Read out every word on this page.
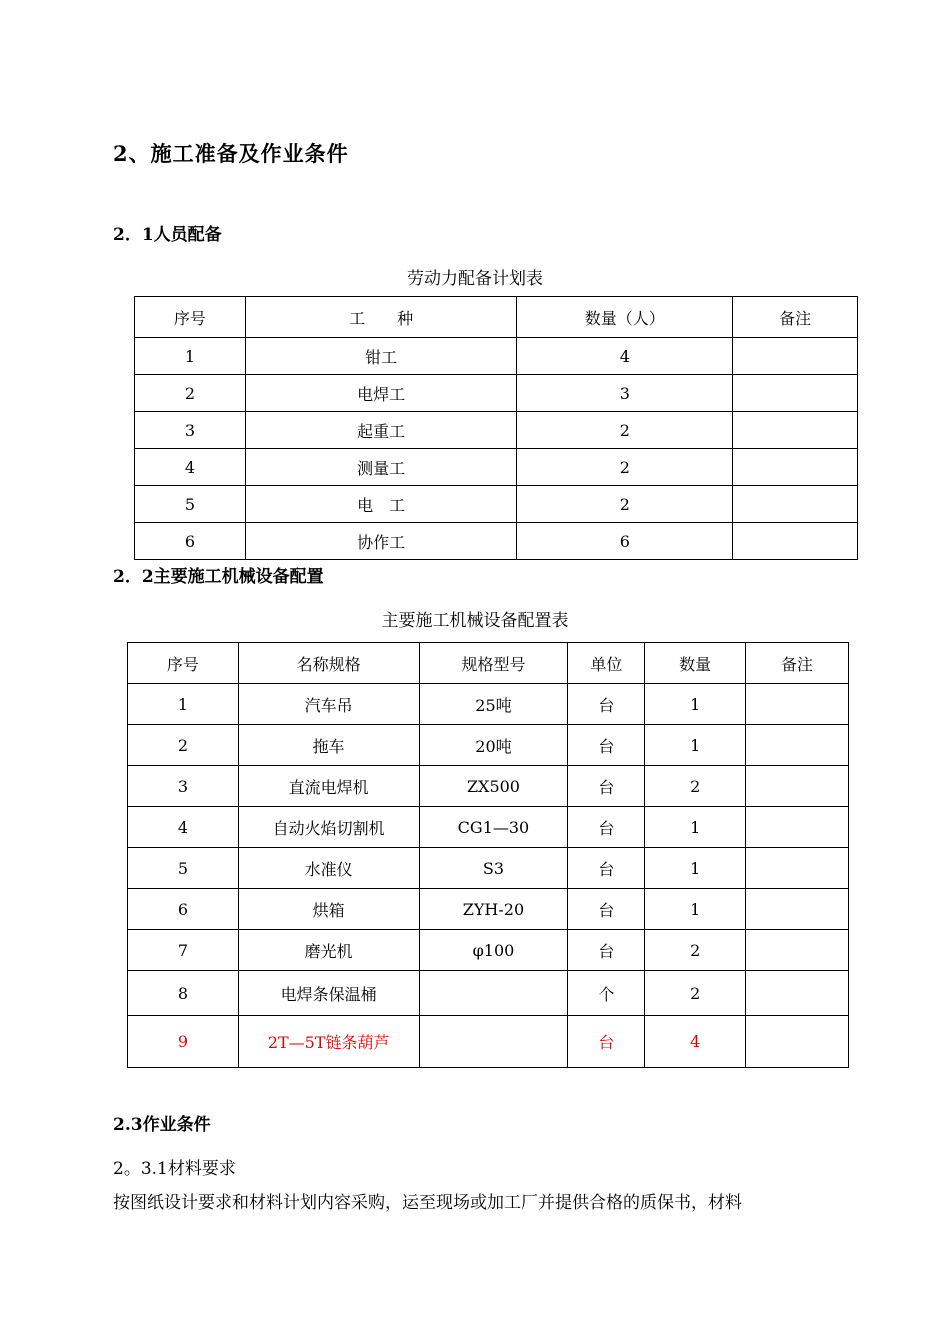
2、施工准备及作业条件
2．1人员配备
劳动力配备计划表
序号	工　　种	数量（人）	备注
1	钳工	4	
2	电焊工	3	
3	起重工	2	
4	测量工	2	
5	电　工	2	
6	协作工	6	
2．2主要施工机械设备配置
主要施工机械设备配置表
序号	名称规格	规格型号	单位	数量	备注
1	汽车吊	25吨	台	1	
2	拖车	20吨	台	1	
3	直流电焊机	ZX500	台	2	
4	自动火焰切割机	CG1—30	台	1	
5	水准仪	S3	台	1	
6	烘箱	ZYH-20	台	1	
7	磨光机	φ100	台	2	
8	电焊条保温桶		个	2	
9	2T—5T链条葫芦		台	4	
2.3作业条件
2。3.1材料要求
按图纸设计要求和材料计划内容采购，运至现场或加工厂并提供合格的质保书，材料
